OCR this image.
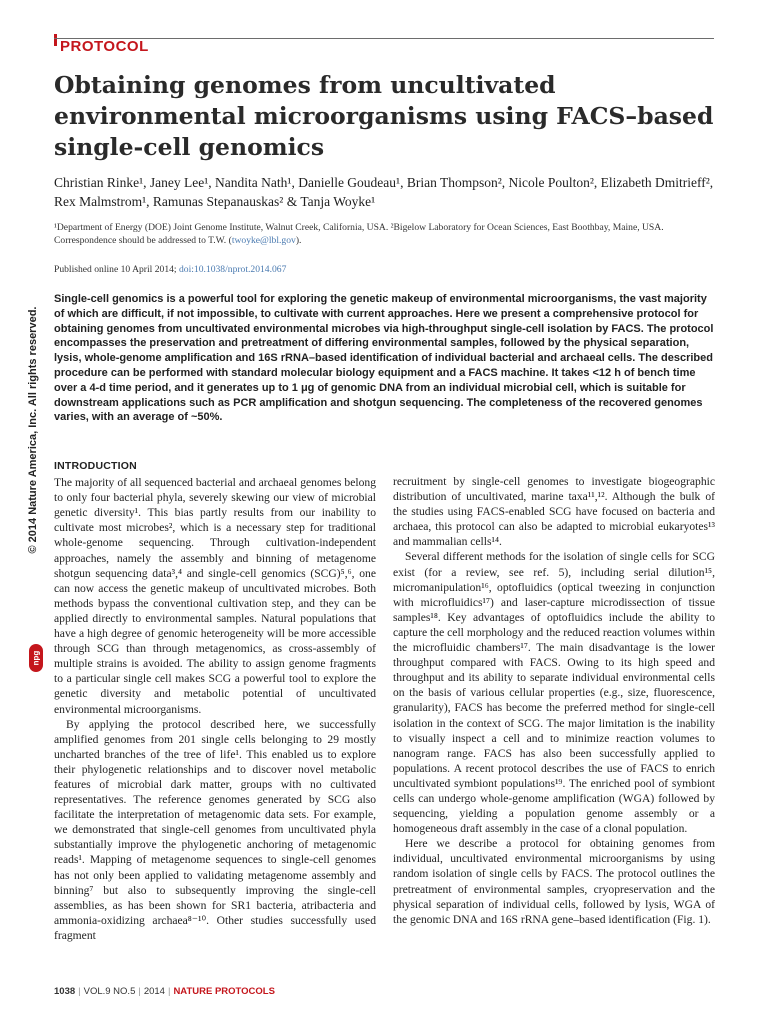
PROTOCOL
Obtaining genomes from uncultivated environmental microorganisms using FACS–based single-cell genomics
Christian Rinke¹, Janey Lee¹, Nandita Nath¹, Danielle Goudeau¹, Brian Thompson², Nicole Poulton², Elizabeth Dmitrieff², Rex Malmstrom¹, Ramunas Stepanauskas² & Tanja Woyke¹
¹Department of Energy (DOE) Joint Genome Institute, Walnut Creek, California, USA. ²Bigelow Laboratory for Ocean Sciences, East Boothbay, Maine, USA. Correspondence should be addressed to T.W. (twoyke@lbl.gov).
Published online 10 April 2014; doi:10.1038/nprot.2014.067
Single-cell genomics is a powerful tool for exploring the genetic makeup of environmental microorganisms, the vast majority of which are difficult, if not impossible, to cultivate with current approaches. Here we present a comprehensive protocol for obtaining genomes from uncultivated environmental microbes via high-throughput single-cell isolation by FACS. The protocol encompasses the preservation and pretreatment of differing environmental samples, followed by the physical separation, lysis, whole-genome amplification and 16S rRNA–based identification of individual bacterial and archaeal cells. The described procedure can be performed with standard molecular biology equipment and a FACS machine. It takes <12 h of bench time over a 4-d time period, and it generates up to 1 μg of genomic DNA from an individual microbial cell, which is suitable for downstream applications such as PCR amplification and shotgun sequencing. The completeness of the recovered genomes varies, with an average of ~50%.
© 2014 Nature America, Inc. All rights reserved.
npg
INTRODUCTION

The majority of all sequenced bacterial and archaeal genomes belong to only four bacterial phyla, severely skewing our view of microbial genetic diversity¹. This bias partly results from our inability to cultivate most microbes², which is a necessary step for traditional whole-genome sequencing. Through cultivation-independent approaches, namely the assembly and binning of metagenome shotgun sequencing data³,⁴ and single-cell genomics (SCG)⁵,⁶, one can now access the genetic makeup of uncultivated microbes. Both methods bypass the conventional cultivation step, and they can be applied directly to environmental samples. Natural populations that have a high degree of genomic heterogeneity will be more accessible through SCG than through metagenomics, as cross-assembly of multiple strains is avoided. The ability to assign genome fragments to a particular single cell makes SCG a powerful tool to explore the genetic diversity and metabolic potential of uncultivated environmental microorganisms.

By applying the protocol described here, we successfully amplified genomes from 201 single cells belonging to 29 mostly uncharted branches of the tree of life¹. This enabled us to explore their phylogenetic relationships and to discover novel metabolic features of microbial dark matter, groups with no cultivated representatives. The reference genomes generated by SCG also facilitate the interpretation of metagenomic data sets. For example, we demonstrated that single-cell genomes from uncultivated phyla substantially improve the phylogenetic anchoring of metagenomic reads¹. Mapping of metagenome sequences to single-cell genomes has not only been applied to validating metagenome assembly and binning⁷ but also to subsequently improving the single-cell assemblies, as has been shown for SR1 bacteria, atribacteria and ammonia-oxidizing archaea⁸⁻¹⁰. Other studies successfully used fragment

recruitment by single-cell genomes to investigate biogeographic distribution of uncultivated, marine taxa¹¹,¹². Although the bulk of the studies using FACS-enabled SCG have focused on bacteria and archaea, this protocol can also be adapted to microbial eukaryotes¹³ and mammalian cells¹⁴.

Several different methods for the isolation of single cells for SCG exist (for a review, see ref. 5), including serial dilution¹⁵, micromanipulation¹⁶, optofluidics (optical tweezing in conjunction with microfluidics¹⁷) and laser-capture microdissection of tissue samples¹⁸. Key advantages of optofluidics include the ability to capture the cell morphology and the reduced reaction volumes within the microfluidic chambers¹⁷. The main disadvantage is the lower throughput compared with FACS. Owing to its high speed and throughput and its ability to separate individual environmental cells on the basis of various cellular properties (e.g., size, fluorescence, granularity), FACS has become the preferred method for single-cell isolation in the context of SCG. The major limitation is the inability to visually inspect a cell and to minimize reaction volumes to nanogram range. FACS has also been successfully applied to populations. A recent protocol describes the use of FACS to enrich uncultivated symbiont populations¹⁹. The enriched pool of symbiont cells can undergo whole-genome amplification (WGA) followed by sequencing, yielding a population genome assembly or a homogeneous draft assembly in the case of a clonal population.

Here we describe a protocol for obtaining genomes from individual, uncultivated environmental microorganisms by using random isolation of single cells by FACS. The protocol outlines the pretreatment of environmental samples, cryopreservation and the physical separation of individual cells, followed by lysis, WGA of the genomic DNA and 16S rRNA gene–based identification (Fig. 1).

1038 | VOL.9 NO.5 | 2014 | NATURE PROTOCOLS
